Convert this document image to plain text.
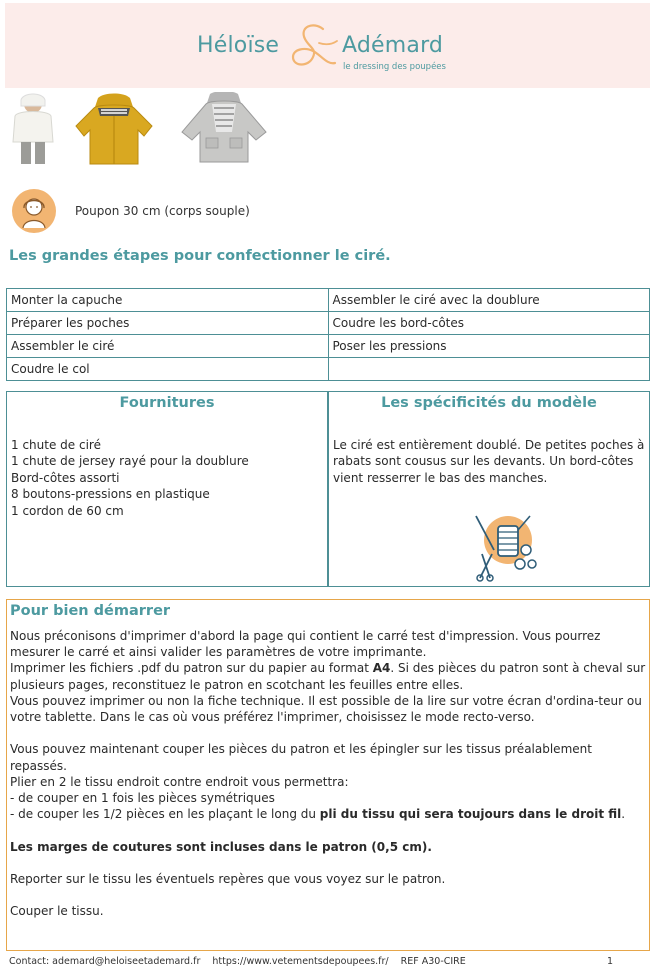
Héloïse	Adémard
le dressing des poupées
Poupon 30 cm (corps souple)
Les grandes étapes pour confectionner le ciré.
Monter la capuche	Assembler le ciré avec la doublure
Préparer les poches	Coudre les bord-côtes
Assembler le ciré	Poser les pressions
Coudre le col	
Fournitures
1 chute de ciré
1 chute de jersey rayé pour la doublure
Bord-côtes assorti
8 boutons-pressions en plastique
1 cordon de 60 cm
Les spécificités du modèle
Le ciré est entièrement doublé. De petites poches à rabats sont cousus sur les devants. Un bord-côtes vient resserrer le bas des manches.
Pour bien démarrer

Nous préconisons d'imprimer d'abord la page qui contient le carré test d'impression. Vous pourrez mesurer le carré et ainsi valider les paramètres de votre imprimante.

Imprimer les fichiers .pdf du patron sur du papier au format A4. Si des pièces du patron sont à cheval sur plusieurs pages, reconstituez le patron en scotchant les feuilles entre elles.

Vous pouvez imprimer ou non la fiche technique. Il est possible de la lire sur votre écran d'ordina-teur ou votre tablette. Dans le cas où vous préférez l'imprimer, choisissez le mode recto-verso.

Vous pouvez maintenant couper les pièces du patron et les épingler sur les tissus préalablement repassés.

Plier en 2 le tissu endroit contre endroit vous permettra:

- de couper en 1 fois les pièces symétriques

- de couper les 1/2 pièces en les plaçant le long du pli du tissu qui sera toujours dans le droit fil.

Les marges de coutures sont incluses dans le patron (0,5 cm).

Reporter sur le tissu les éventuels repères que vous voyez sur le patron.

Couper le tissu.

Contact: ademard@heloiseetademard.fr https://www.vetementsdepoupees.fr/ REF A30-CIRE	1
